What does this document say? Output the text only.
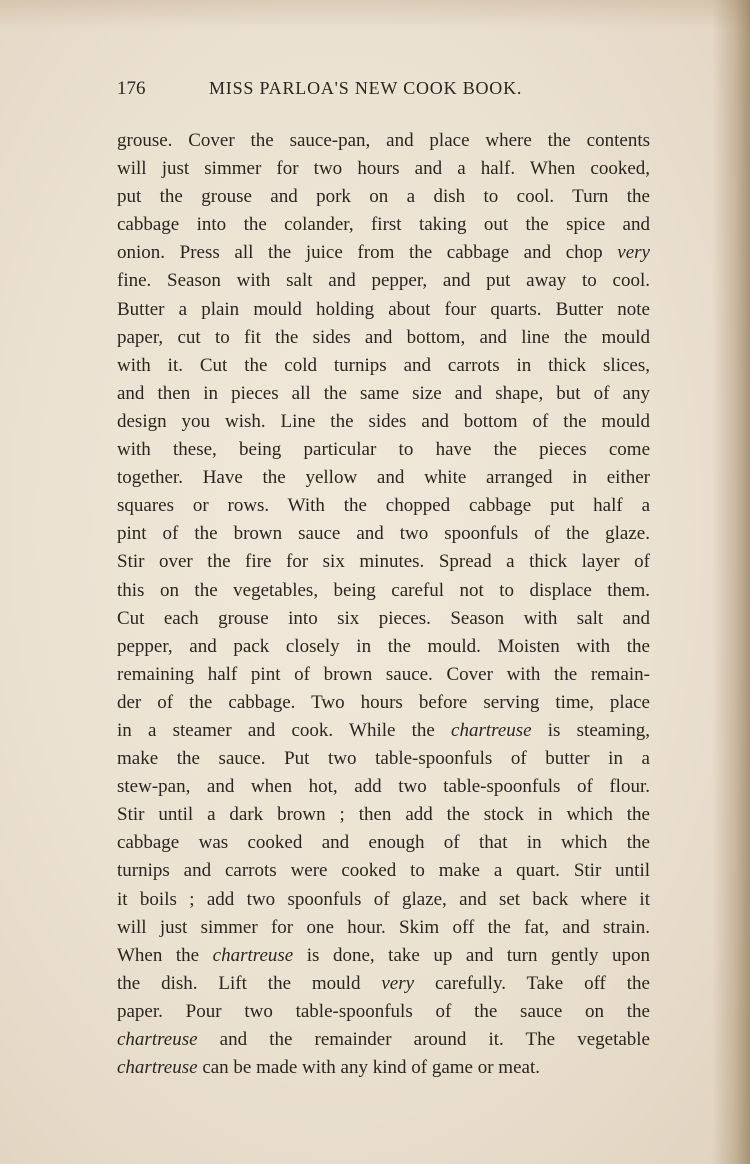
176	MISS PARLOA'S NEW COOK BOOK.
grouse. Cover the sauce-pan, and place where the contents
will just simmer for two hours and a half. When cooked,
put the grouse and pork on a dish to cool. Turn the
cabbage into the colander, first taking out the spice and
onion. Press all the juice from the cabbage and chop very
fine. Season with salt and pepper, and put away to cool.
Butter a plain mould holding about four quarts. Butter note
paper, cut to fit the sides and bottom, and line the mould
with it. Cut the cold turnips and carrots in thick slices,
and then in pieces all the same size and shape, but of any
design you wish. Line the sides and bottom of the mould
with these, being particular to have the pieces come
together. Have the yellow and white arranged in either
squares or rows. With the chopped cabbage put half a
pint of the brown sauce and two spoonfuls of the glaze.
Stir over the fire for six minutes. Spread a thick layer of
this on the vegetables, being careful not to displace them.
Cut each grouse into six pieces. Season with salt and
pepper, and pack closely in the mould. Moisten with the
remaining half pint of brown sauce. Cover with the remain-
der of the cabbage. Two hours before serving time, place
in a steamer and cook. While the chartreuse is steaming,
make the sauce. Put two table-spoonfuls of butter in a
stew-pan, and when hot, add two table-spoonfuls of flour.
Stir until a dark brown ; then add the stock in which the
cabbage was cooked and enough of that in which the
turnips and carrots were cooked to make a quart. Stir until
it boils ; add two spoonfuls of glaze, and set back where it
will just simmer for one hour. Skim off the fat, and strain.
When the chartreuse is done, take up and turn gently upon
the dish. Lift the mould very carefully. Take off the
paper. Pour two table-spoonfuls of the sauce on the
chartreuse and the remainder around it. The vegetable
chartreuse can be made with any kind of game or meat.
